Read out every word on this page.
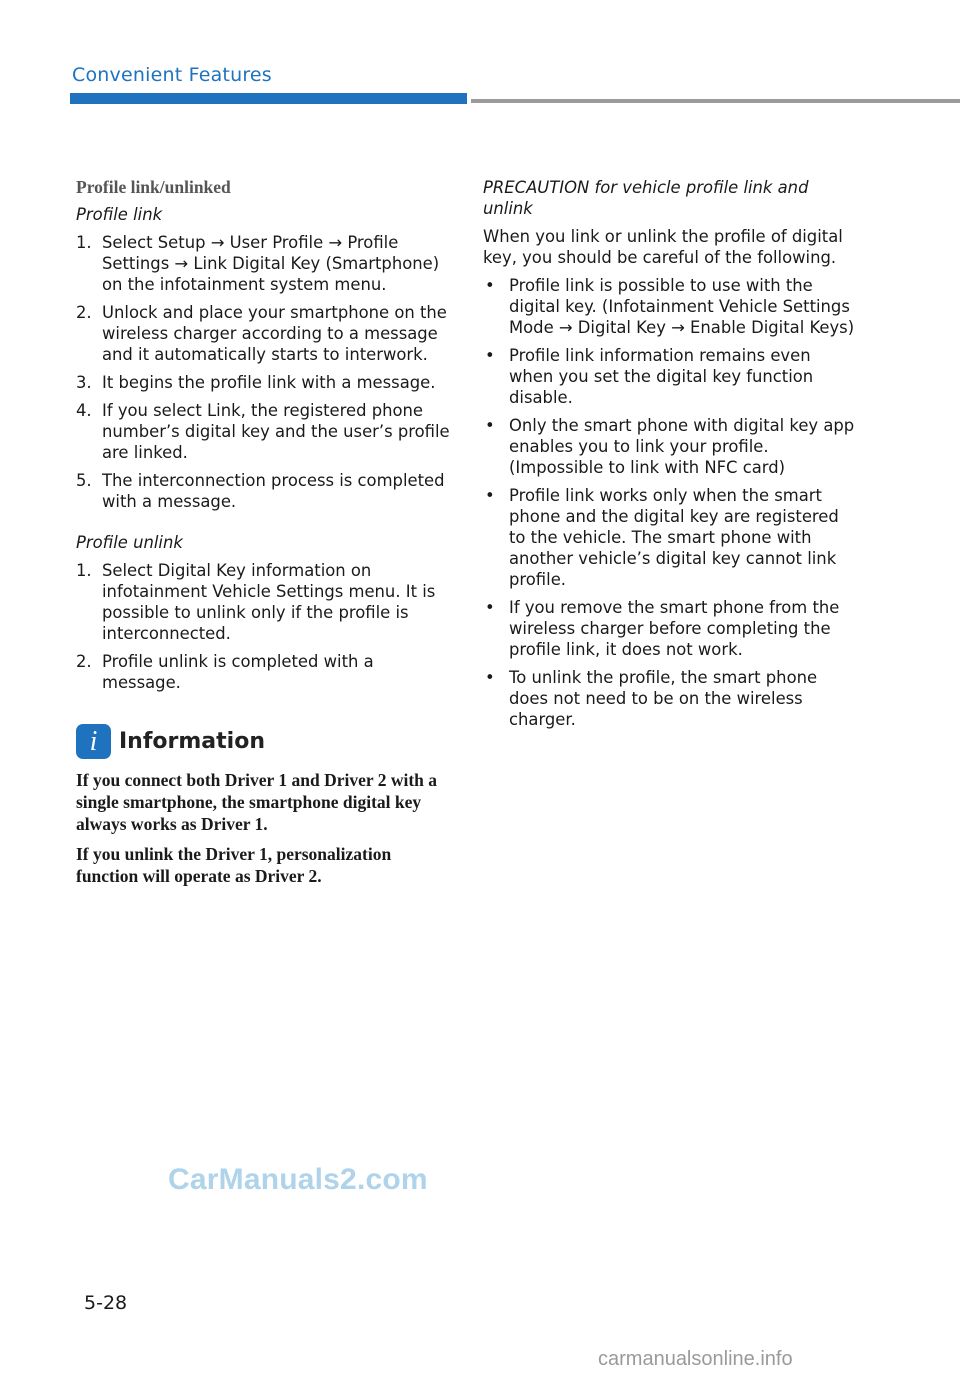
Convenient Features
Profile link/unlinked
Profile link
1. Select Setup → User Profile → Profile Settings → Link Digital Key (Smartphone) on the infotainment system menu.
2. Unlock and place your smartphone on the wireless charger according to a message and it automatically starts to interwork.
3. It begins the profile link with a message.
4. If you select Link, the registered phone number’s digital key and the user’s profile are linked.
5. The interconnection process is completed with a message.
Profile unlink
1. Select Digital Key information on infotainment Vehicle Settings menu. It is possible to unlink only if the profile is interconnected.
2. Profile unlink is completed with a message.
i Information

If you connect both Driver 1 and Driver 2 with a single smartphone, the smartphone digital key always works as Driver 1.

If you unlink the Driver 1, personalization function will operate as Driver 2.

PRECAUTION for vehicle profile link and unlink

When you link or unlink the profile of digital key, you should be careful of the following.

• Profile link is possible to use with the digital key. (Infotainment Vehicle Settings Mode → Digital Key → Enable Digital Keys)
• Profile link information remains even when you set the digital key function disable.
• Only the smart phone with digital key app enables you to link your profile. (Impossible to link with NFC card)
• Profile link works only when the smart phone and the digital key are registered to the vehicle. The smart phone with another vehicle’s digital key cannot link profile.
• If you remove the smart phone from the wireless charger before completing the profile link, it does not work.
• To unlink the profile, the smart phone does not need to be on the wireless charger.
CarManuals2.com
5-28
carmanualsonline.info
